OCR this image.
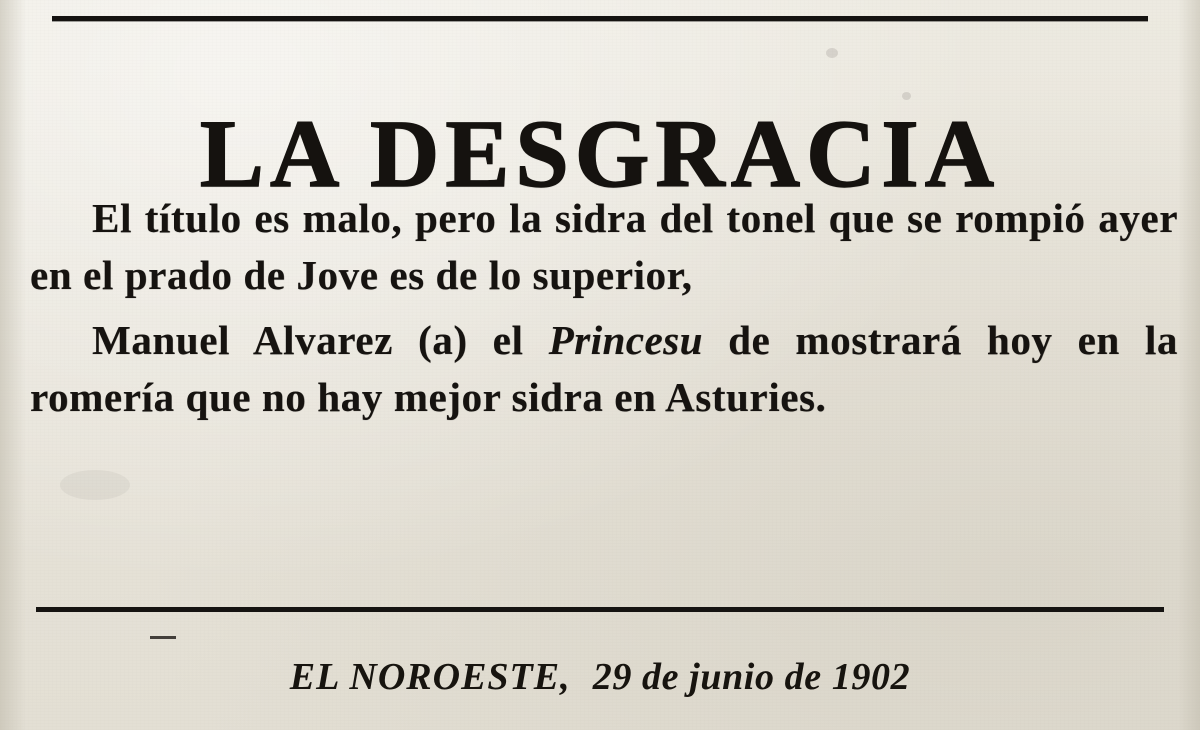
LA DESGRACIA

El título es malo, pero la sidra del tonel que se rompió ayer en el prado de Jove es de lo superior,

Manuel Alvarez (a) el Princesu de mostrará hoy en la romería que no hay mejor sidra en Asturies.

EL NOROESTE, 29 de junio de 1902
